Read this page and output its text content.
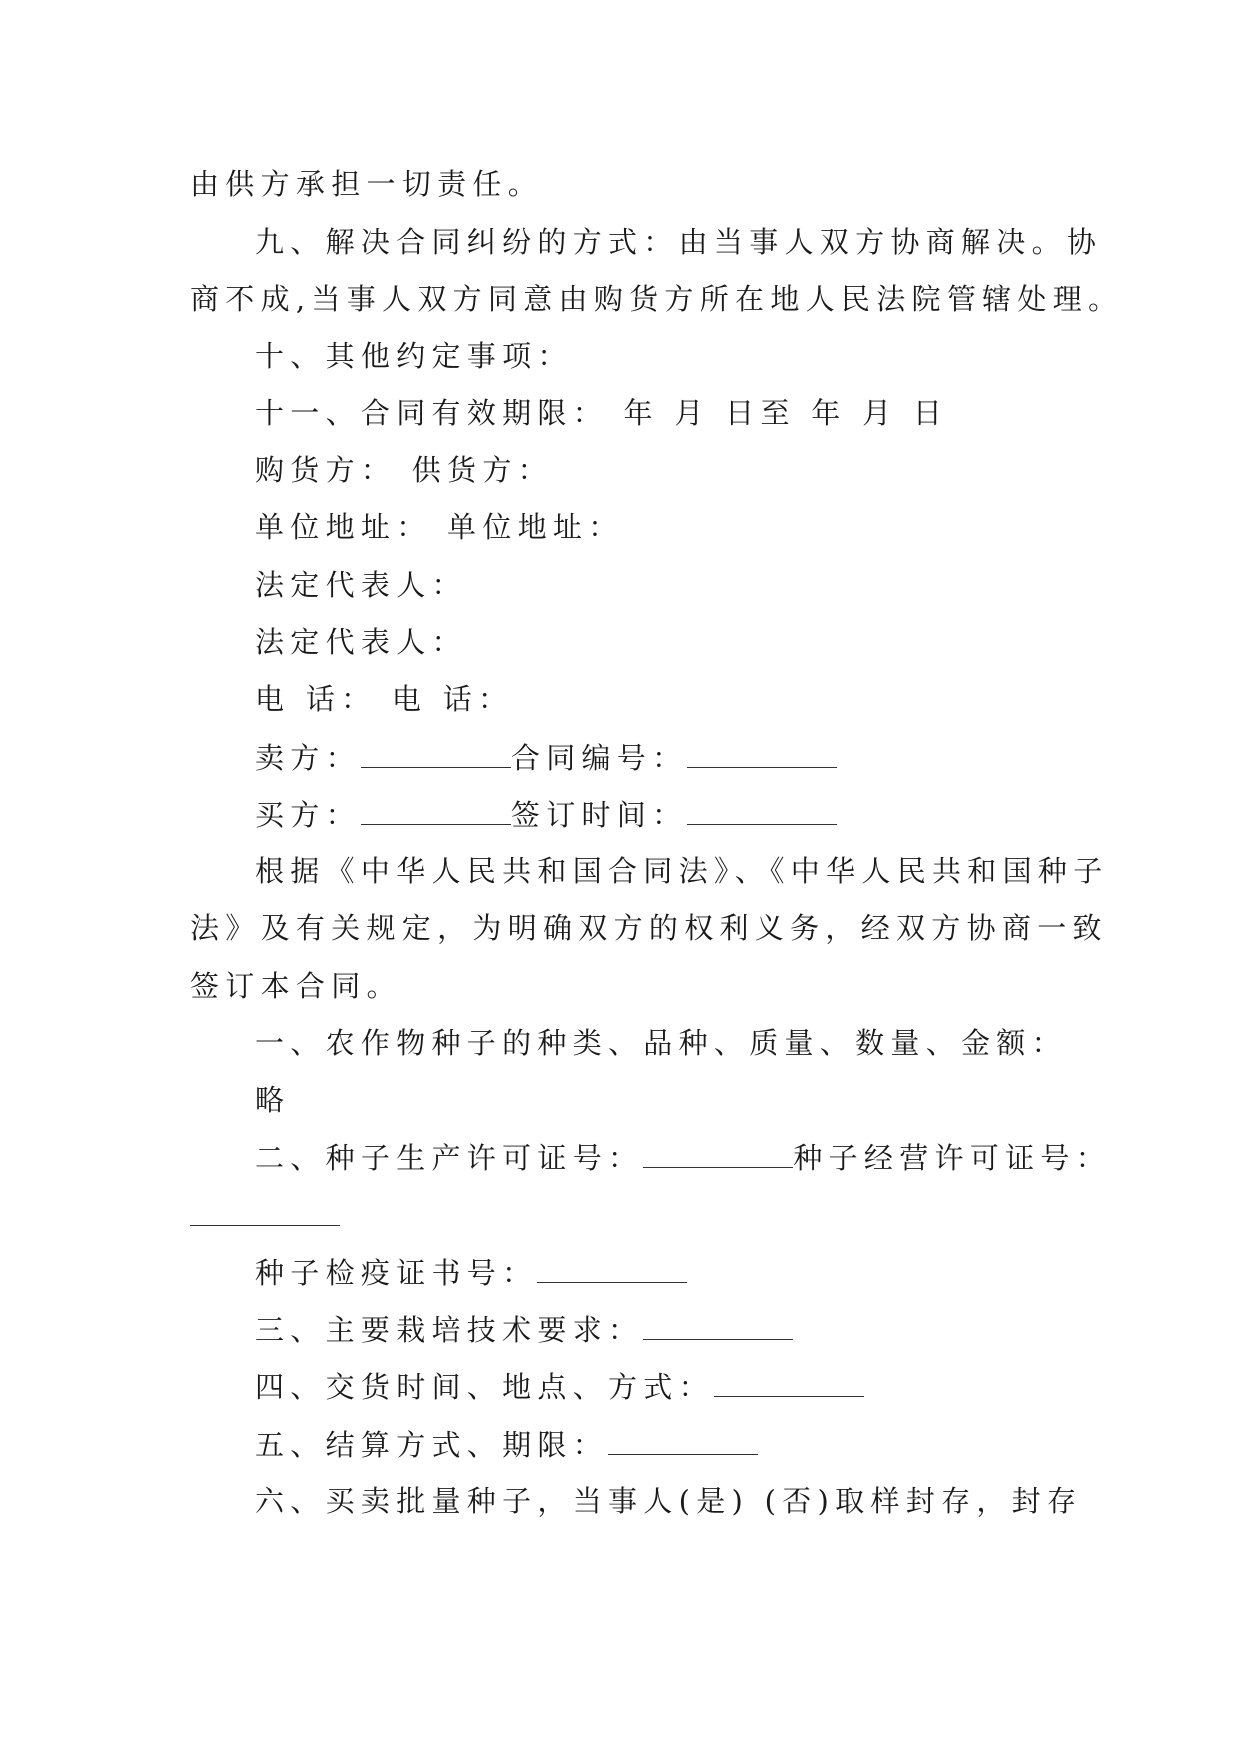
由供方承担一切责任。
九、解决合同纠纷的方式：由当事人双方协商解决。协
商不成,当事人双方同意由购货方所在地人民法院管辖处理。
十、其他约定事项：
十一、合同有效期限： 年 月 日至 年 月 日
购货方： 供货方：
单位地址： 单位地址：
法定代表人：
法定代表人：
电 话： 电 话：
卖方：	合同编号：
买方：	签订时间：
根据《中华人民共和国合同法》、《中华人民共和国种子
法》及有关规定，为明确双方的权利义务，经双方协商一致
签订本合同。
一、农作物种子的种类、品种、质量、数量、金额：
略
二、种子生产许可证号：	种子经营许可证号：
种子检疫证书号：
三、主要栽培技术要求：
四、交货时间、地点、方式：
五、结算方式、期限：
六、买卖批量种子，当事人(是) (否)取样封存，封存
